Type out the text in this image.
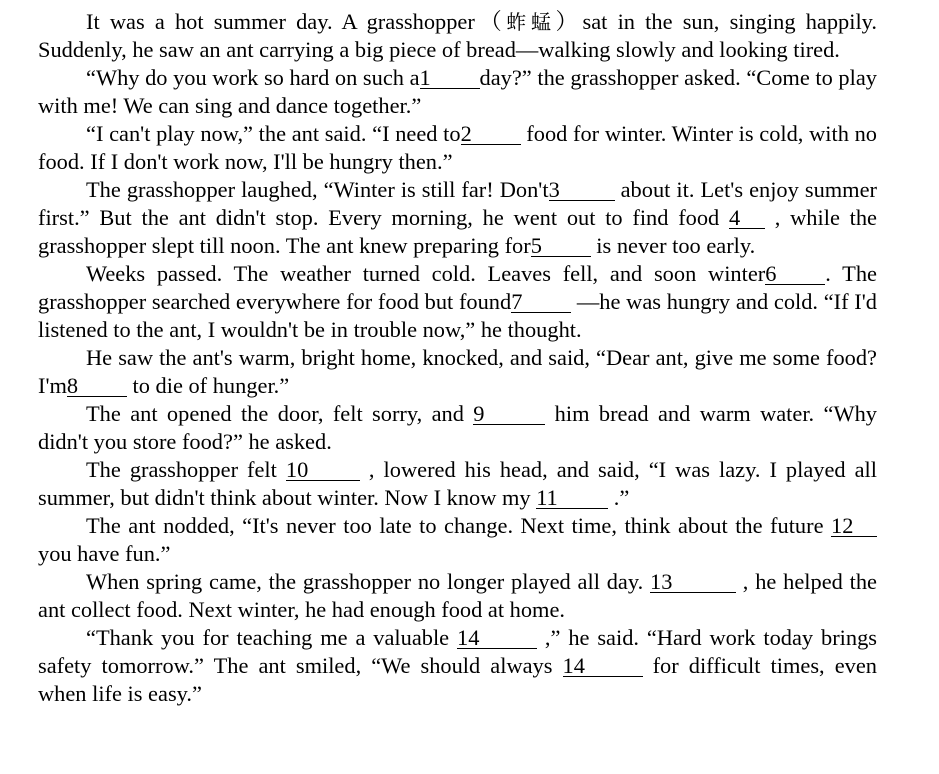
It was a hot summer day. A grasshopper（蚱蜢）sat in the sun, singing happily. Suddenly, he saw an ant carrying a big piece of bread—walking slowly and looking tired.

“Why do you work so hard on such a1 day?” the grasshopper asked. “Come to play with me! We can sing and dance together.”

“I can't play now,” the ant said. “I need to2 food for winter. Winter is cold, with no food. If I don't work now, I'll be hungry then.”

The grasshopper laughed, “Winter is still far! Don't3 about it. Let's enjoy summer first.” But the ant didn't stop. Every morning, he went out to find food 4 , while the grasshopper slept till noon. The ant knew preparing for5 is never too early.

Weeks passed. The weather turned cold. Leaves fell, and soon winter6 . The grasshopper searched everywhere for food but found7 —he was hungry and cold. “If I'd listened to the ant, I wouldn't be in trouble now,” he thought.

He saw the ant's warm, bright home, knocked, and said, “Dear ant, give me some food? I'm8 to die of hunger.”

The ant opened the door, felt sorry, and 9	him bread and warm water. “Why didn't you store food?” he asked.

The grasshopper felt 10 , lowered his head, and said, “I was lazy. I played all summer, but didn't think about winter. Now I know my 11 .”

The ant nodded, “It's never too late to change. Next time, think about the future 12 you have fun.”

When spring came, the grasshopper no longer played all day. 13	, he helped the ant collect food. Next winter, he had enough food at home.

“Thank you for teaching me a valuable 14	,” he said. “Hard work today brings safety tomorrow.” The ant smiled, “We should always 14	for difficult times, even when life is easy.”
